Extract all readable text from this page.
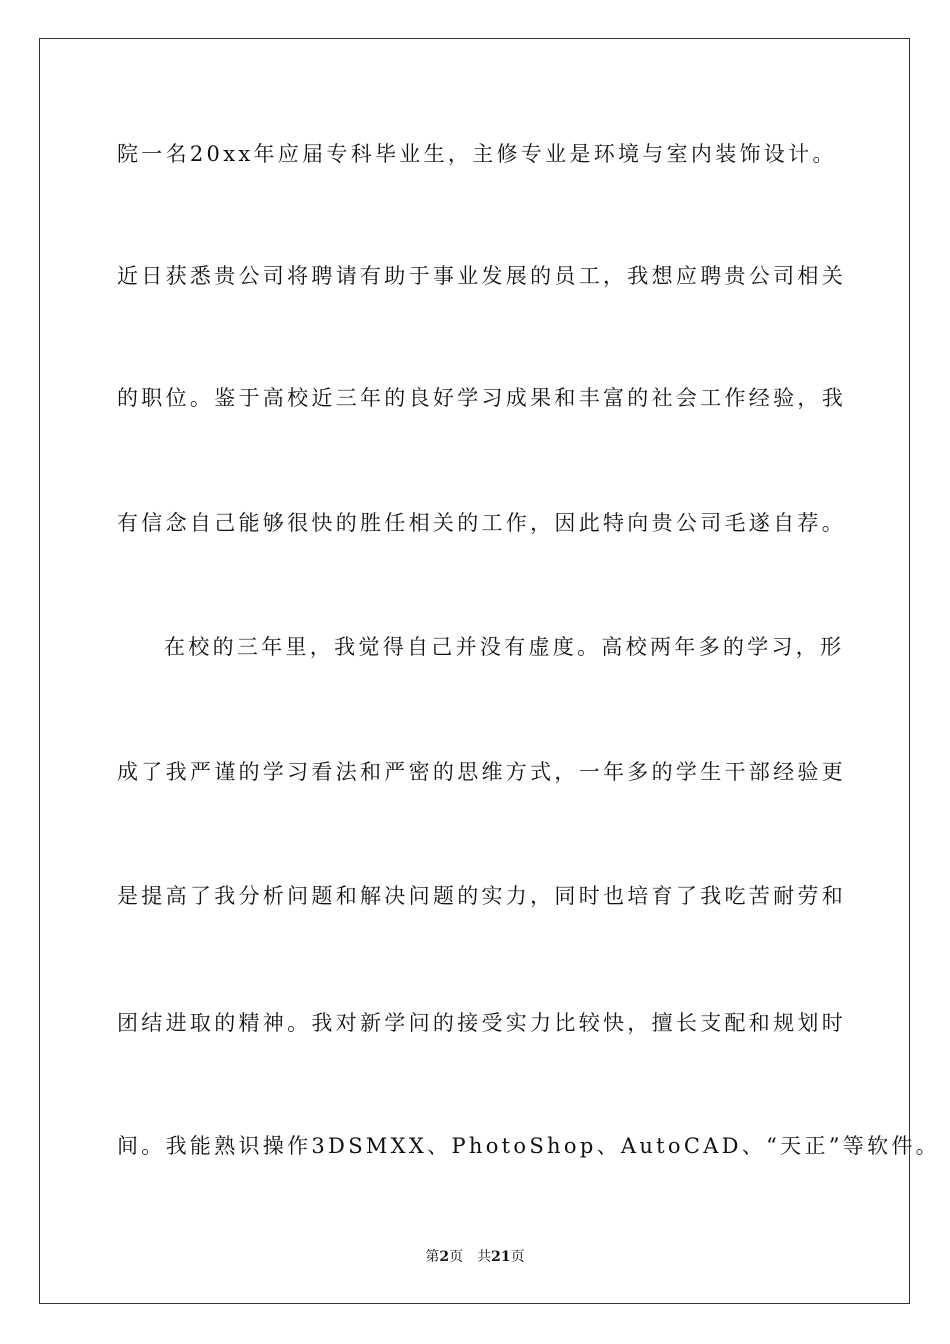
院一名20xx年应届专科毕业生，主修专业是环境与室内装饰设计。
近日获悉贵公司将聘请有助于事业发展的员工，我想应聘贵公司相关
的职位。鉴于高校近三年的良好学习成果和丰富的社会工作经验，我
有信念自己能够很快的胜任相关的工作，因此特向贵公司毛遂自荐。
在校的三年里，我觉得自己并没有虚度。高校两年多的学习，形
成了我严谨的学习看法和严密的思维方式，一年多的学生干部经验更
是提高了我分析问题和解决问题的实力，同时也培育了我吃苦耐劳和
团结进取的精神。我对新学问的接受实力比较快，擅长支配和规划时
间。我能熟识操作3DSMXX、PhotoShop、AutoCAD、“天正”等软件。
第2页 共21页
